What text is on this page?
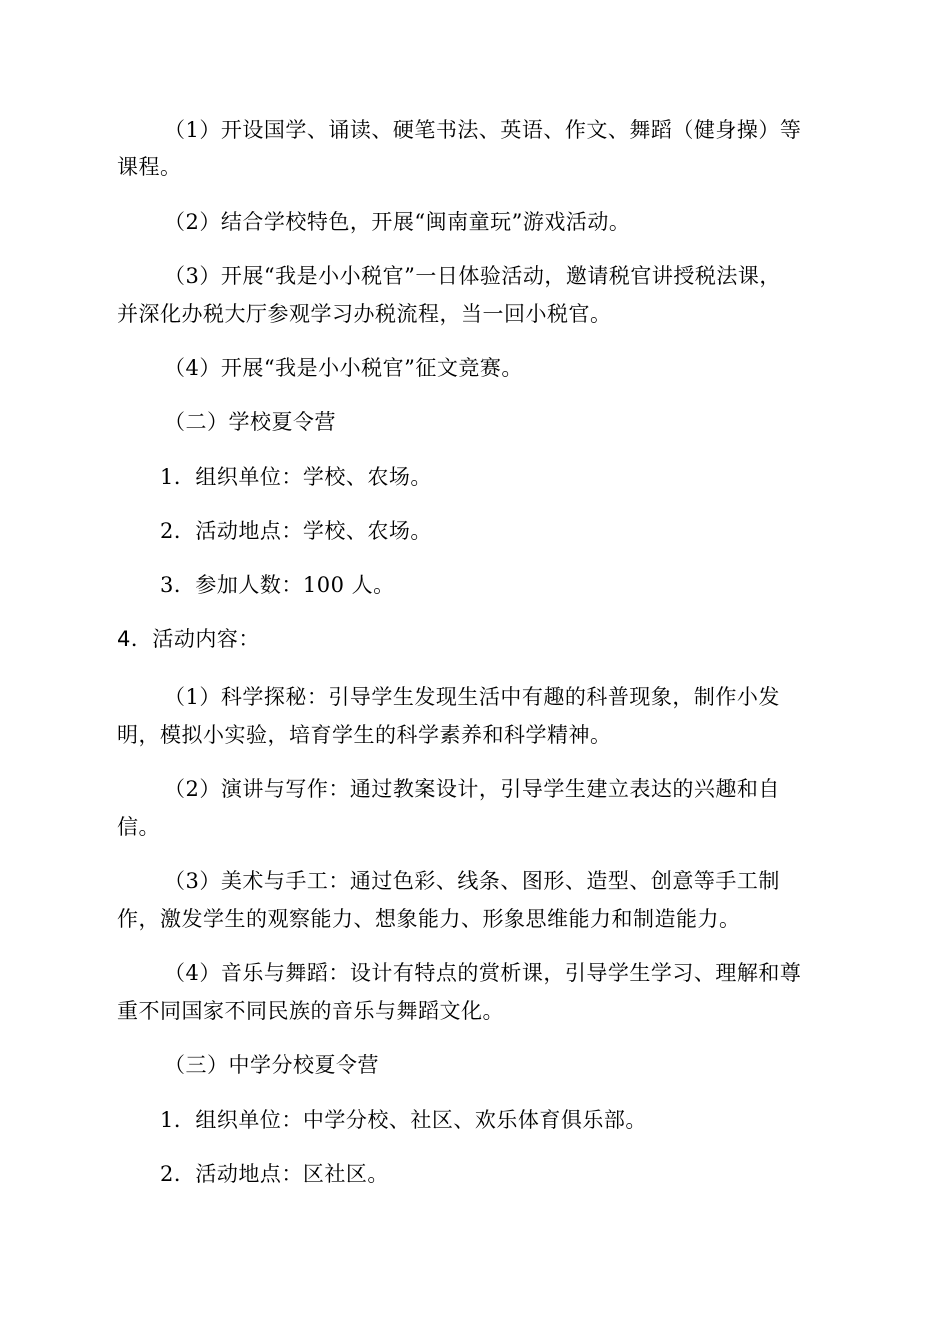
（1）开设国学、诵读、硬笔书法、英语、作文、舞蹈（健身操）等
课程。
（2）结合学校特色，开展“闽南童玩”游戏活动。
（3）开展“我是小小税官”一日体验活动，邀请税官讲授税法课，
并深化办税大厅参观学习办税流程，当一回小税官。
（4）开展“我是小小税官”征文竞赛。
（二）学校夏令营
1．组织单位：学校、农场。
2．活动地点：学校、农场。
3．参加人数：100 人。
4．活动内容：
（1）科学探秘：引导学生发现生活中有趣的科普现象，制作小发
明，模拟小实验，培育学生的科学素养和科学精神。
（2）演讲与写作：通过教案设计，引导学生建立表达的兴趣和自
信。
（3）美术与手工：通过色彩、线条、图形、造型、创意等手工制
作，激发学生的观察能力、想象能力、形象思维能力和制造能力。
（4）音乐与舞蹈：设计有特点的赏析课，引导学生学习、理解和尊
重不同国家不同民族的音乐与舞蹈文化。
（三）中学分校夏令营
1．组织单位：中学分校、社区、欢乐体育俱乐部。
2．活动地点：区社区。
